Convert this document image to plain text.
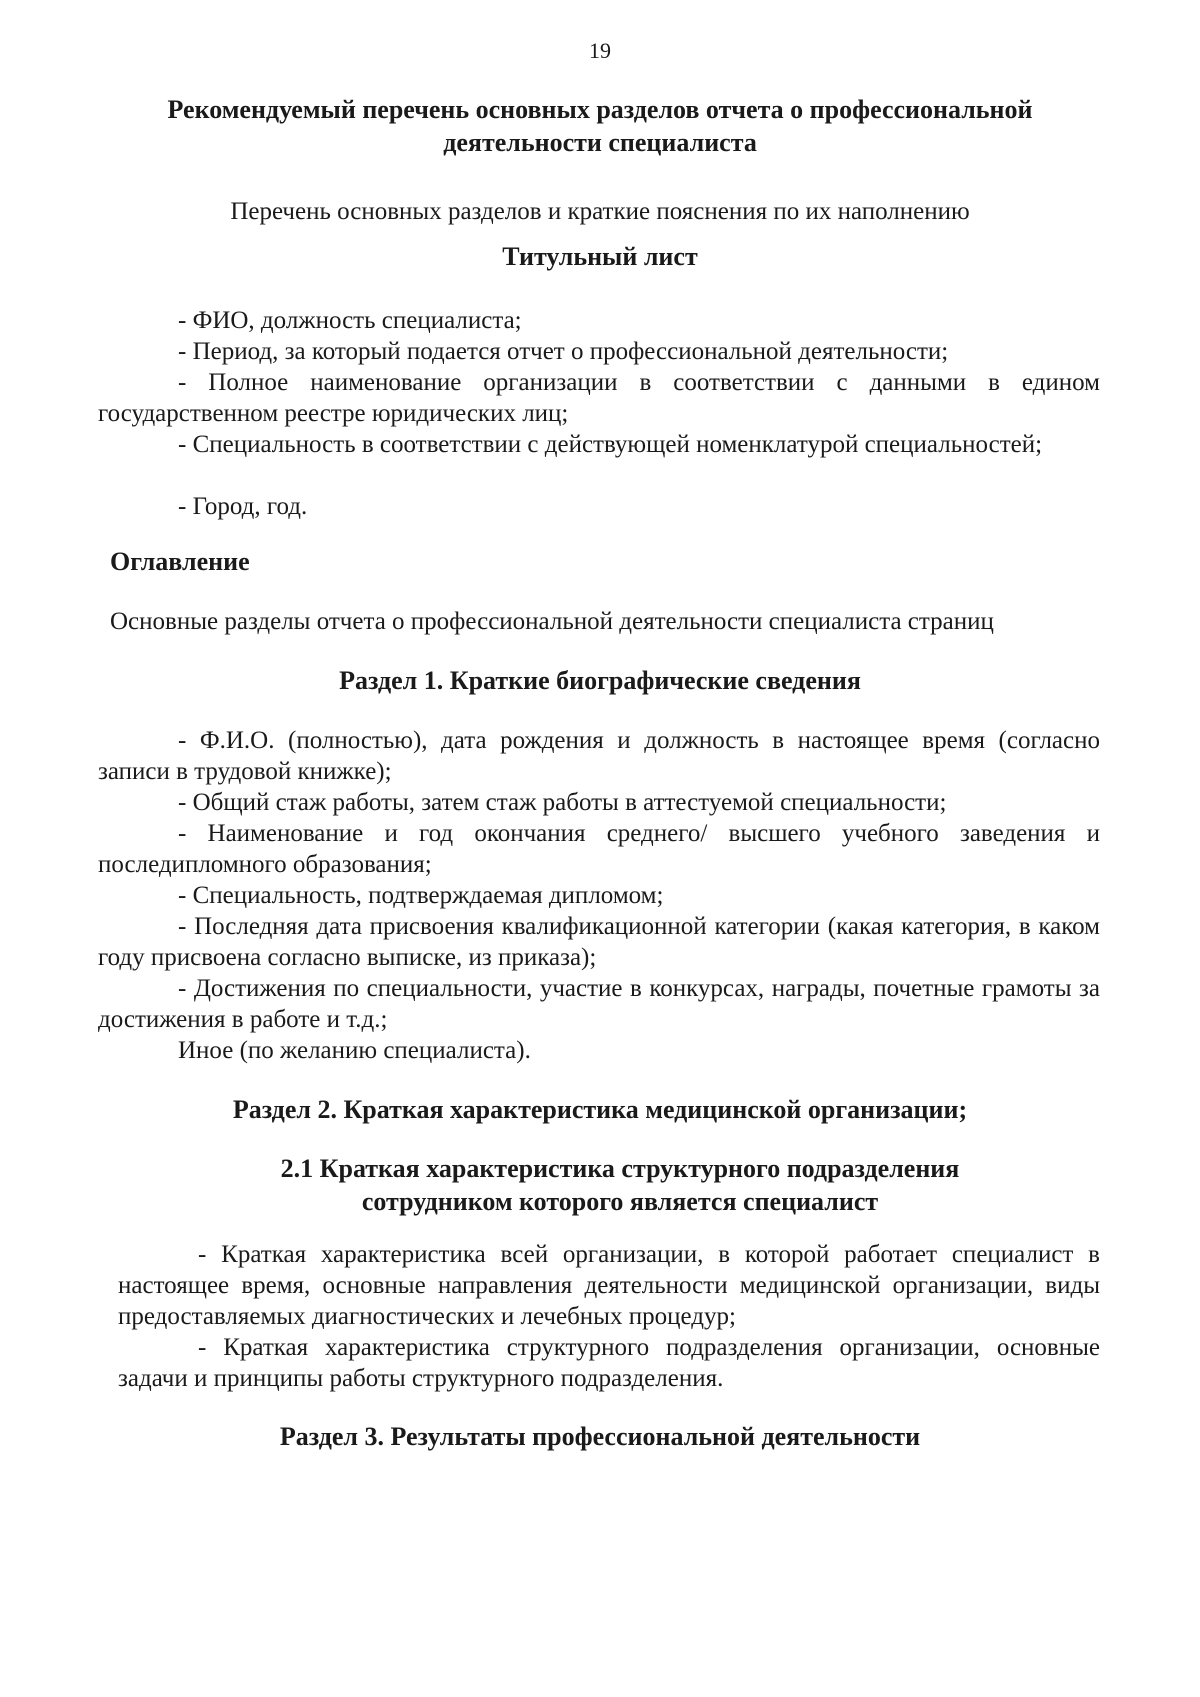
19
Рекомендуемый перечень основных разделов отчета о профессиональной деятельности специалиста
Перечень основных разделов и краткие пояснения по их наполнению
Титульный лист
- ФИО, должность специалиста;
- Период, за который подается отчет о профессиональной деятельности;
- Полное наименование организации в соответствии с данными в едином государственном реестре юридических лиц;
- Специальность в соответствии с действующей номенклатурой специальностей;
- Город, год.
Оглавление
Основные разделы отчета о профессиональной деятельности специалиста страниц
Раздел 1. Краткие биографические сведения
- Ф.И.О. (полностью), дата рождения и должность в настоящее время (согласно записи в трудовой книжке);
- Общий стаж работы, затем стаж работы в аттестуемой специальности;
- Наименование и год окончания среднего/ высшего учебного заведения и последипломного образования;
- Специальность, подтверждаемая дипломом;
- Последняя дата присвоения квалификационной категории (какая категория, в каком году присвоена согласно выписке, из приказа);
- Достижения по специальности, участие в конкурсах, награды, почетные грамоты за достижения в работе и т.д.;
Иное (по желанию специалиста).
Раздел 2. Краткая характеристика медицинской организации;
2.1 Краткая характеристика структурного подразделения сотрудником которого является специалист
- Краткая характеристика всей организации, в которой работает специалист в настоящее время, основные направления деятельности медицинской организации, виды предоставляемых диагностических и лечебных процедур;
- Краткая характеристика структурного подразделения организации, основные задачи и принципы работы структурного подразделения.
Раздел 3. Результаты профессиональной деятельности
